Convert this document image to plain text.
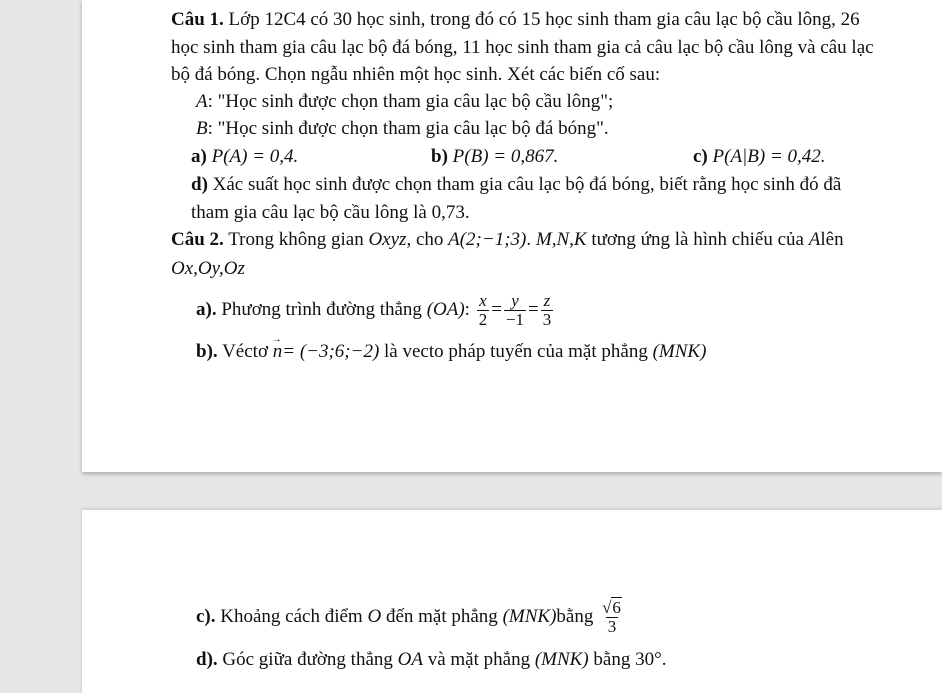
Câu 1. Lớp 12C4 có 30 học sinh, trong đó có 15 học sinh tham gia câu lạc bộ cầu lông, 26
học sinh tham gia câu lạc bộ đá bóng, 11 học sinh tham gia cả câu lạc bộ cầu lông và câu lạc
bộ đá bóng. Chọn ngẫu nhiên một học sinh. Xét các biến cố sau:
A: "Học sinh được chọn tham gia câu lạc bộ cầu lông";
B: "Học sinh được chọn tham gia câu lạc bộ đá bóng".
a) P(A) = 0,4.	b) P(B) = 0,867.	c) P(A|B) = 0,42.
d) Xác suất học sinh được chọn tham gia câu lạc bộ đá bóng, biết rằng học sinh đó đã
tham gia câu lạc bộ cầu lông là 0,73.
Câu 2. Trong không gian Oxyz, cho A(2;−1;3). M,N,K tương ứng là hình chiếu của Alên
Ox,Oy,Oz
a). Phương trình đường thẳng (OA): $\frac{x}{2} = \frac{y}{-1} = \frac{z}{3}$
b). Véctơ → n= (−3;6;−2) là vecto pháp tuyến của mặt phẳng (MNK)
c). Khoảng cách điểm O đến mặt phẳng (MNK)bằng $\frac{√6}{3}$
d). Góc giữa đường thẳng OA và mặt phẳng (MNK) bằng 30°.
